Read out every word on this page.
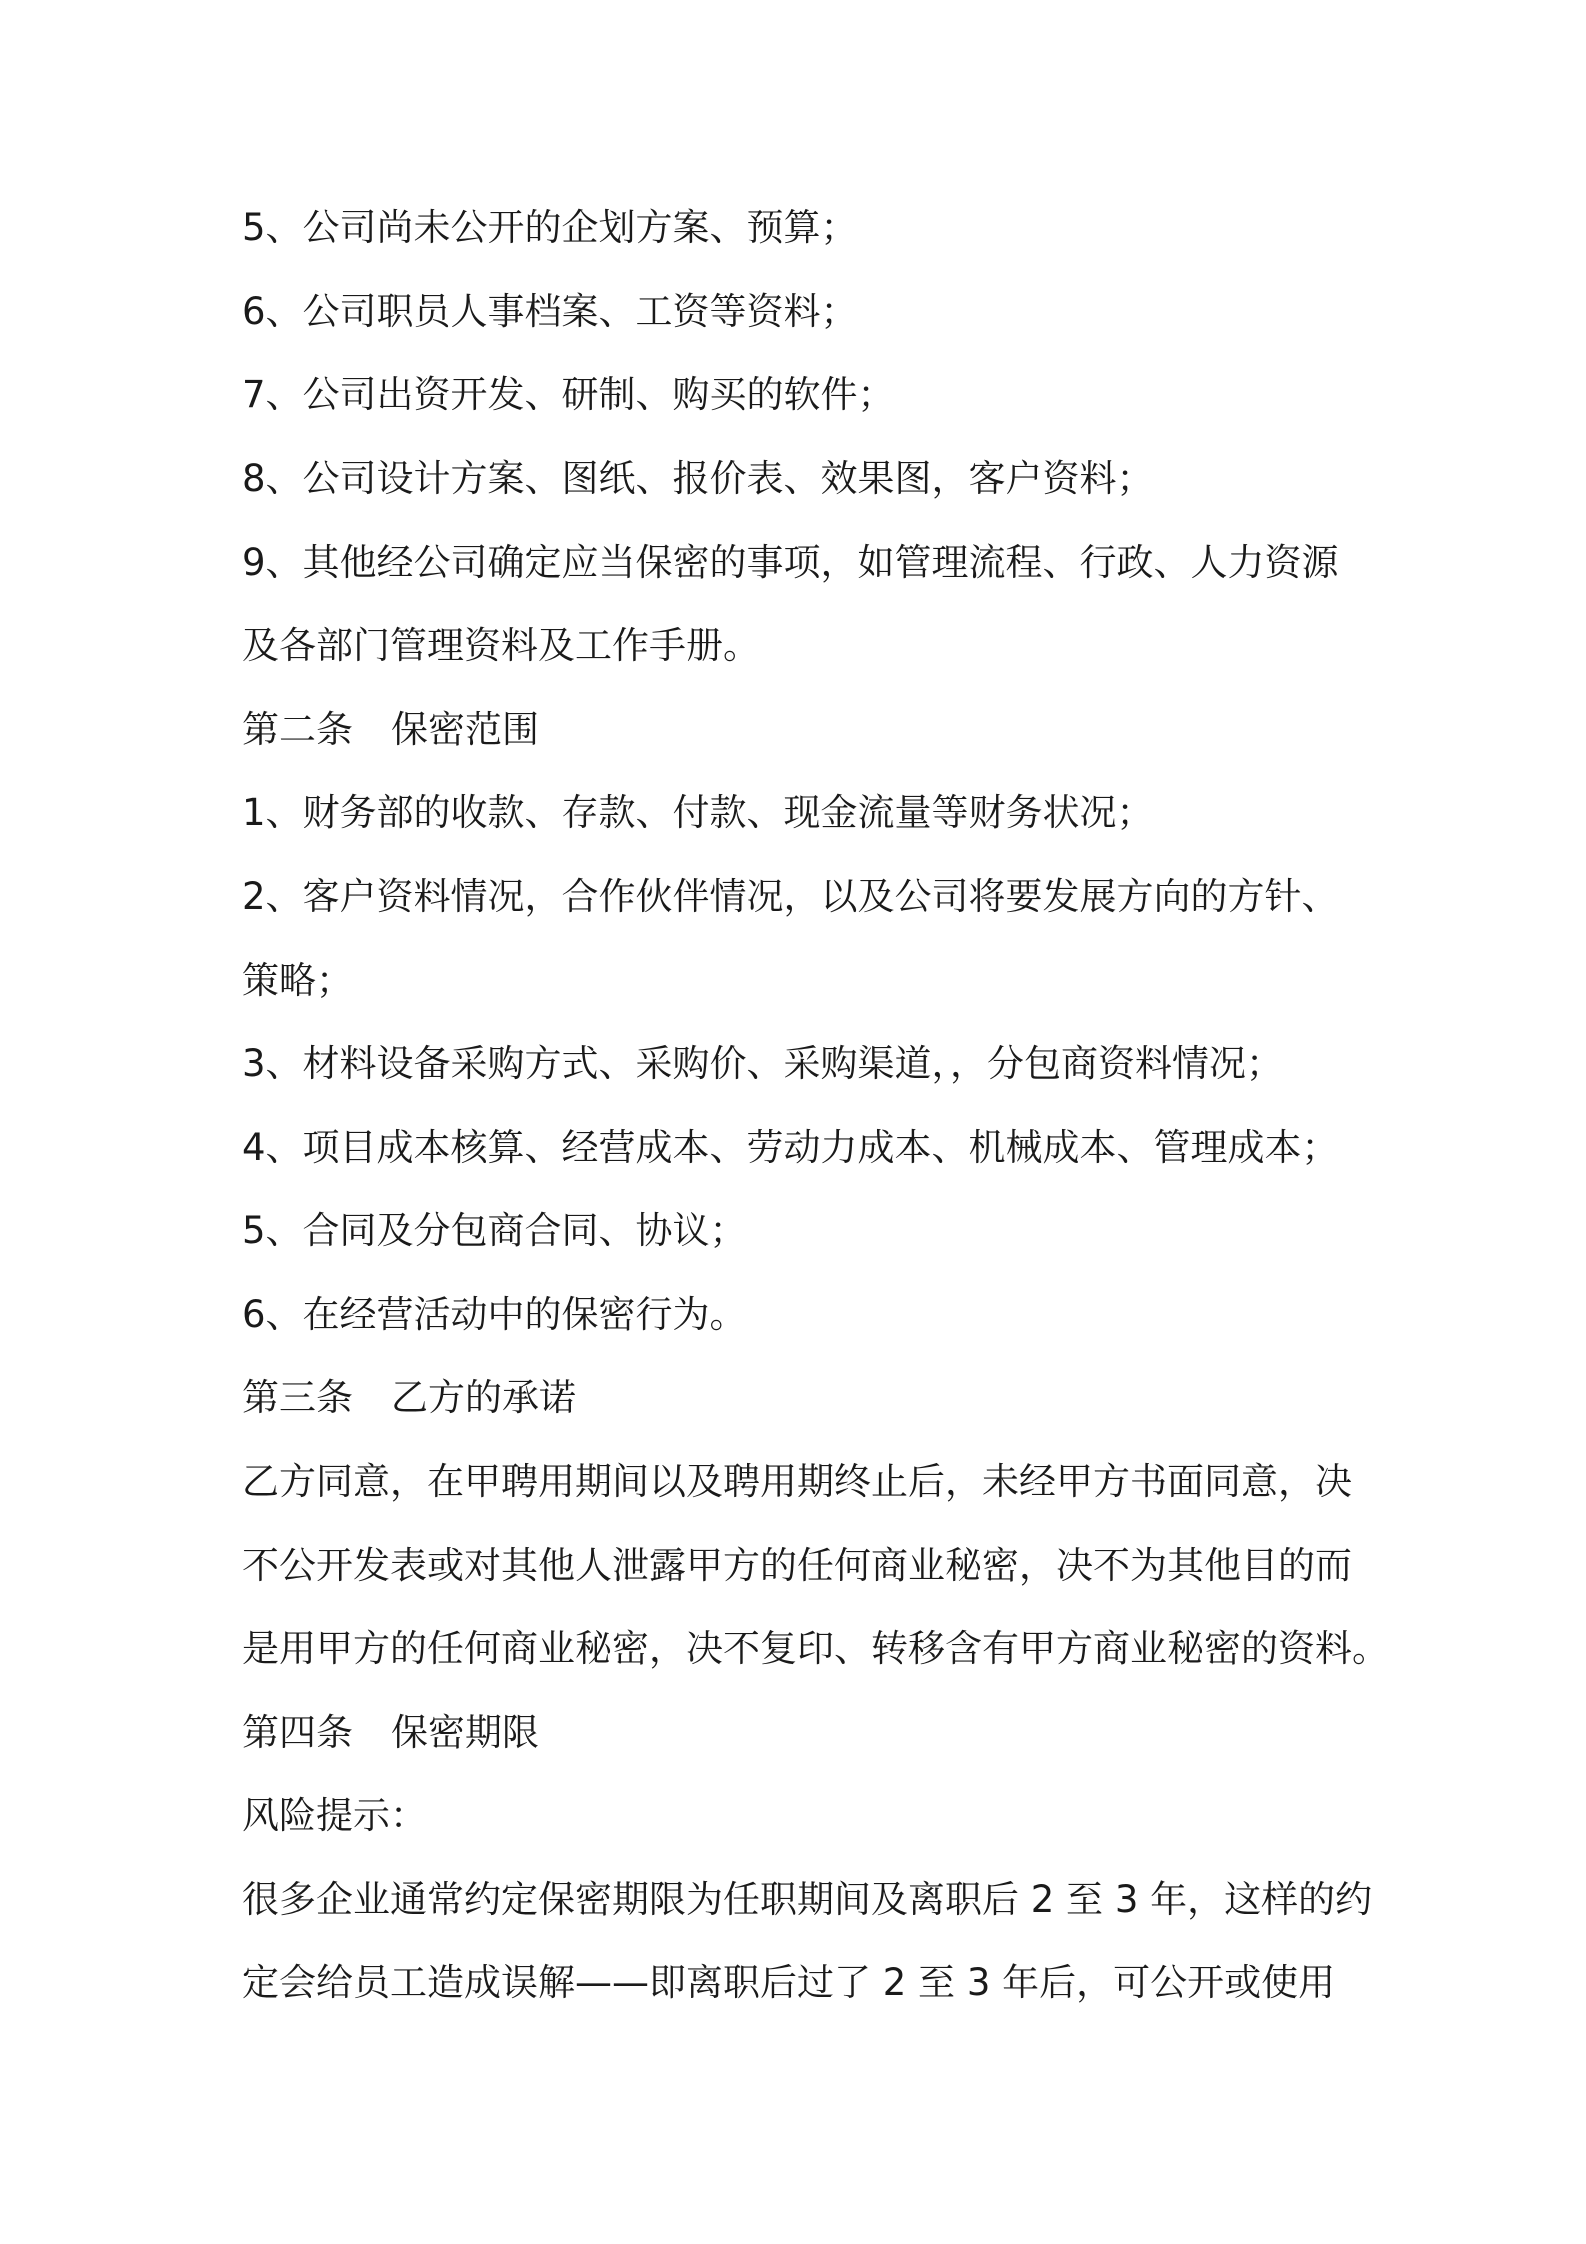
5、公司尚未公开的企划方案、预算；
6、公司职员人事档案、工资等资料；
7、公司出资开发、研制、购买的软件；
8、公司设计方案、图纸、报价表、效果图，客户资料；
9、其他经公司确定应当保密的事项，如管理流程、行政、人力资源
及各部门管理资料及工作手册。
第二条 保密范围
1、财务部的收款、存款、付款、现金流量等财务状况；
2、客户资料情况，合作伙伴情况，以及公司将要发展方向的方针、
策略；
3、材料设备采购方式、采购价、采购渠道，，分包商资料情况；
4、项目成本核算、经营成本、劳动力成本、机械成本、管理成本；
5、合同及分包商合同、协议；
6、在经营活动中的保密行为。
第三条 乙方的承诺
乙方同意，在甲聘用期间以及聘用期终止后，未经甲方书面同意，决
不公开发表或对其他人泄露甲方的任何商业秘密，决不为其他目的而
是用甲方的任何商业秘密，决不复印、转移含有甲方商业秘密的资料。
第四条 保密期限
风险提示：
很多企业通常约定保密期限为任职期间及离职后 2 至 3 年，这样的约
定会给员工造成误解——即离职后过了 2 至 3 年后，可公开或使用
